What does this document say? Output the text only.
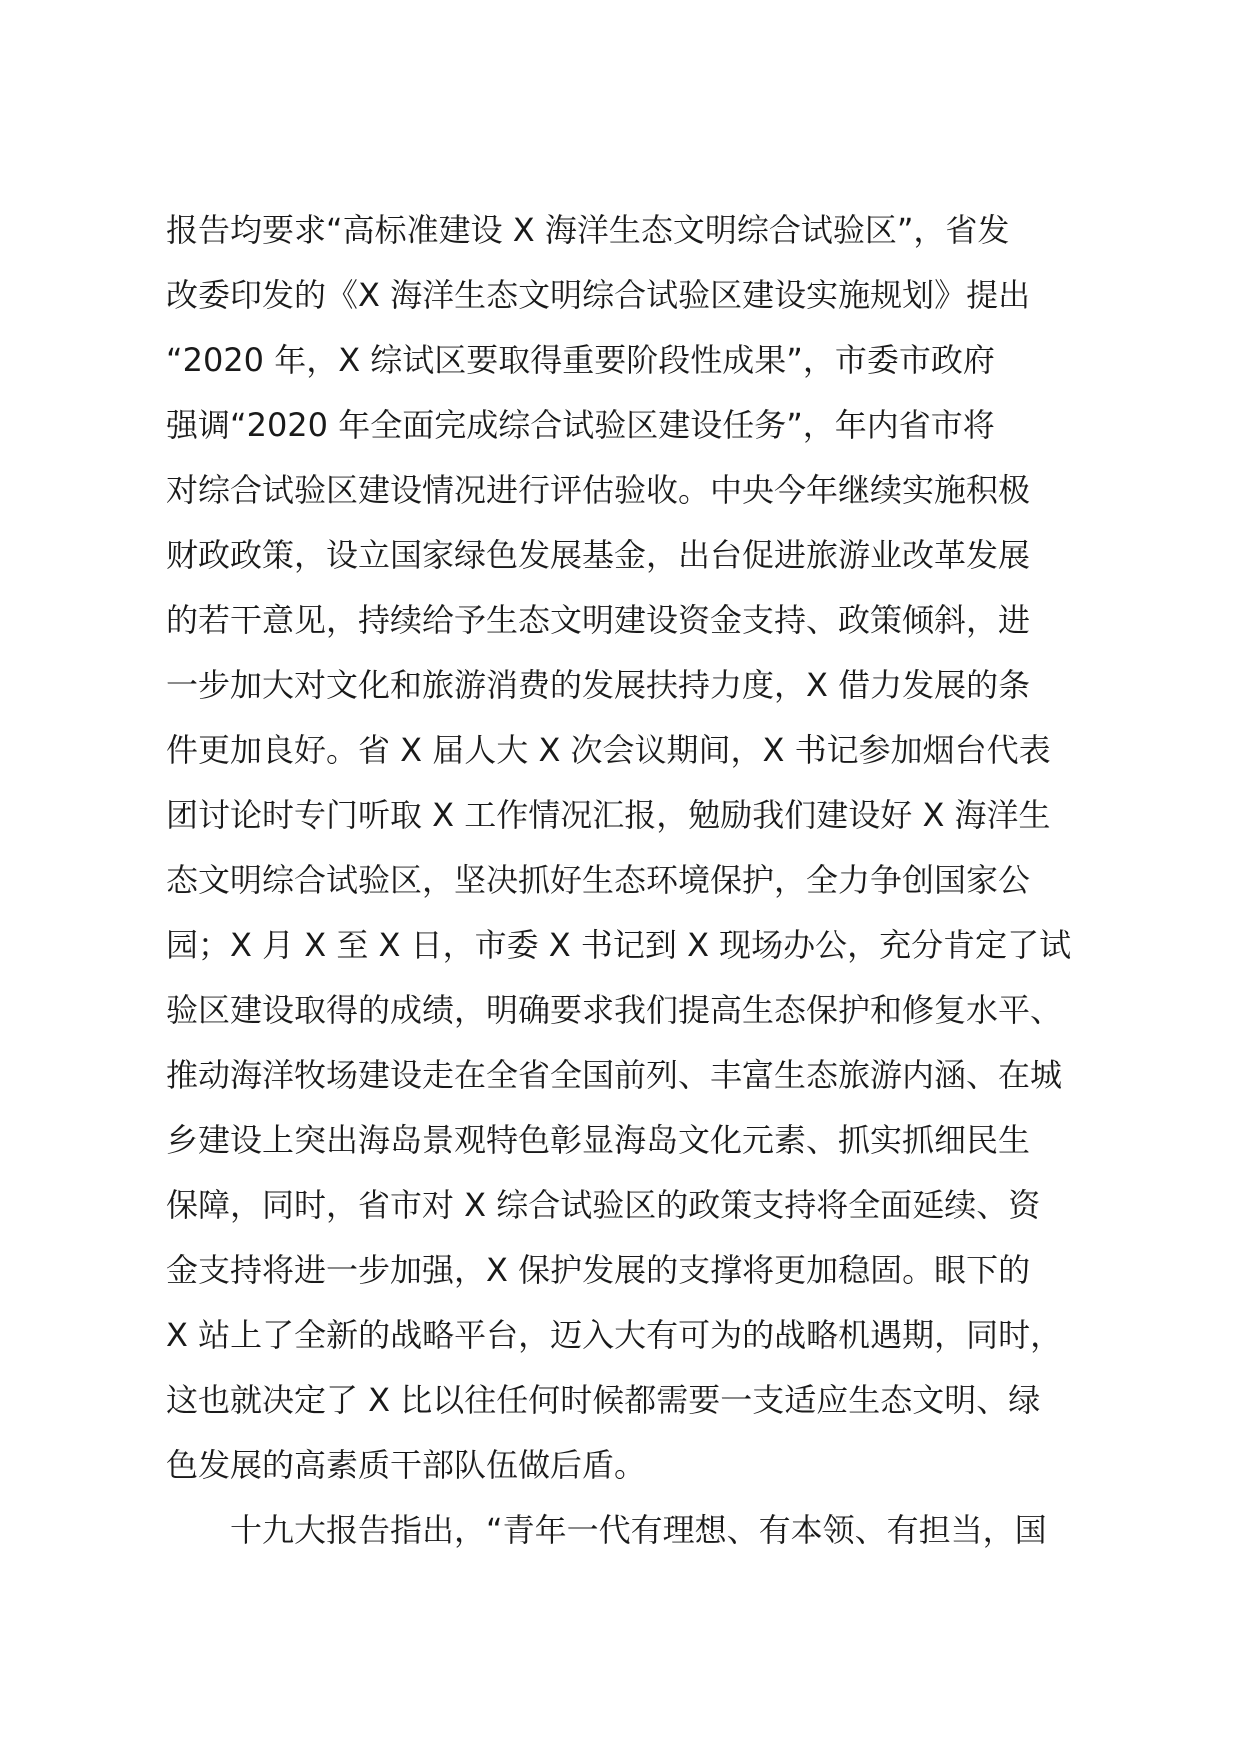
报告均要求“高标准建设 X 海洋生态文明综合试验区”，省发
改委印发的《X 海洋生态文明综合试验区建设实施规划》提出
“2020 年，X 综试区要取得重要阶段性成果”，市委市政府
强调“2020 年全面完成综合试验区建设任务”，年内省市将
对综合试验区建设情况进行评估验收。中央今年继续实施积极
财政政策，设立国家绿色发展基金，出台促进旅游业改革发展
的若干意见，持续给予生态文明建设资金支持、政策倾斜，进
一步加大对文化和旅游消费的发展扶持力度，X 借力发展的条
件更加良好。省 X 届人大 X 次会议期间，X 书记参加烟台代表
团讨论时专门听取 X 工作情况汇报，勉励我们建设好 X 海洋生
态文明综合试验区，坚决抓好生态环境保护，全力争创国家公
园；X 月 X 至 X 日，市委 X 书记到 X 现场办公，充分肯定了试
验区建设取得的成绩，明确要求我们提高生态保护和修复水平、
推动海洋牧场建设走在全省全国前列、丰富生态旅游内涵、在城
乡建设上突出海岛景观特色彰显海岛文化元素、抓实抓细民生
保障，同时，省市对 X 综合试验区的政策支持将全面延续、资
金支持将进一步加强，X 保护发展的支撑将更加稳固。眼下的
X 站上了全新的战略平台，迈入大有可为的战略机遇期，同时，
这也就决定了 X 比以往任何时候都需要一支适应生态文明、绿
色发展的高素质干部队伍做后盾。
十九大报告指出，“青年一代有理想、有本领、有担当，国
